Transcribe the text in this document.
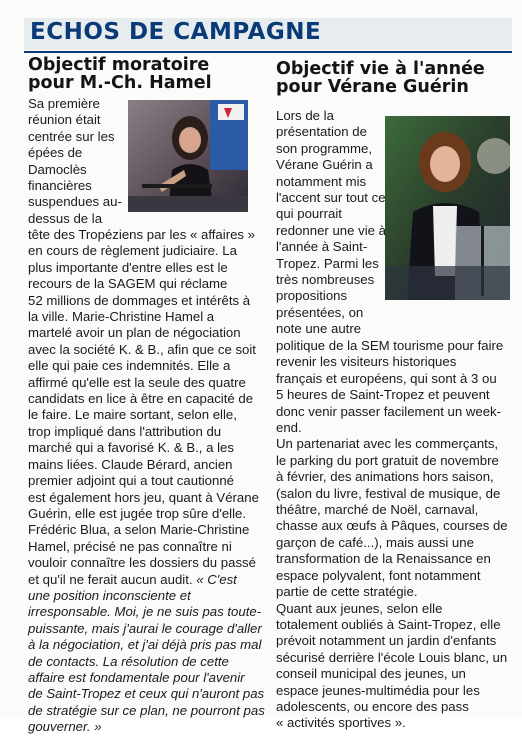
ECHOS DE CAMPAGNE
Objectif moratoire
pour M.-Ch. Hamel
Sa première
réunion était
centrée sur les
épées de
Damoclès
financières
suspendues au-
dessus de la
tête des Tropéziens par les « affaires »
en cours de règlement judiciaire. La
plus importante d'entre elles est le
recours de la SAGEM qui réclame
52 millions de dommages et intérêts à
la ville. Marie-Christine Hamel a
martelé avoir un plan de négociation
avec la société K. & B., afin que ce soit
elle qui paie ces indemnités. Elle a
affirmé qu'elle est la seule des quatre
candidats en lice à être en capacité de
le faire. Le maire sortant, selon elle,
trop impliqué dans l'attribution du
marché qui a favorisé K. & B., a les
mains liées. Claude Bérard, ancien
premier adjoint qui a tout cautionné
est également hors jeu, quant à Vérane
Guérin, elle est jugée trop sûre d'elle.
Frédéric Blua, a selon Marie-Christine
Hamel, précisé ne pas connaître ni
vouloir connaître les dossiers du passé
et qu'il ne ferait aucun audit. « C'est
une position inconsciente et
irresponsable. Moi, je ne suis pas toute-
puissante, mais j'aurai le courage d'aller
à la négociation, et j'ai déjà pris pas mal
de contacts. La résolution de cette
affaire est fondamentale pour l'avenir
de Saint-Tropez et ceux qui n'auront pas
de stratégie sur ce plan, ne pourront pas
gouverner. »
Objectif vie à l'année
pour Vérane Guérin
Lors de la
présentation de
son programme,
Vérane Guérin a
notamment mis
l'accent sur tout ce
qui pourrait
redonner une vie à
l'année à Saint-
Tropez. Parmi les
très nombreuses
propositions
présentées, on
note une autre
politique de la SEM tourisme pour faire
revenir les visiteurs historiques
français et européens, qui sont à 3 ou
5 heures de Saint-Tropez et peuvent
donc venir passer facilement un week-
end.
Un partenariat avec les commerçants,
le parking du port gratuit de novembre
à février, des animations hors saison,
(salon du livre, festival de musique, de
théâtre, marché de Noël, carnaval,
chasse aux œufs à Pâques, courses de
garçon de café...), mais aussi une
transformation de la Renaissance en
espace polyvalent, font notamment
partie de cette stratégie.
Quant aux jeunes, selon elle
totalement oubliés à Saint-Tropez, elle
prévoit notamment un jardin d'enfants
sécurisé derrière l'école Louis blanc, un
conseil municipal des jeunes, un
espace jeunes-multimédia pour les
adolescents, ou encore des pass
« activités sportives ».
